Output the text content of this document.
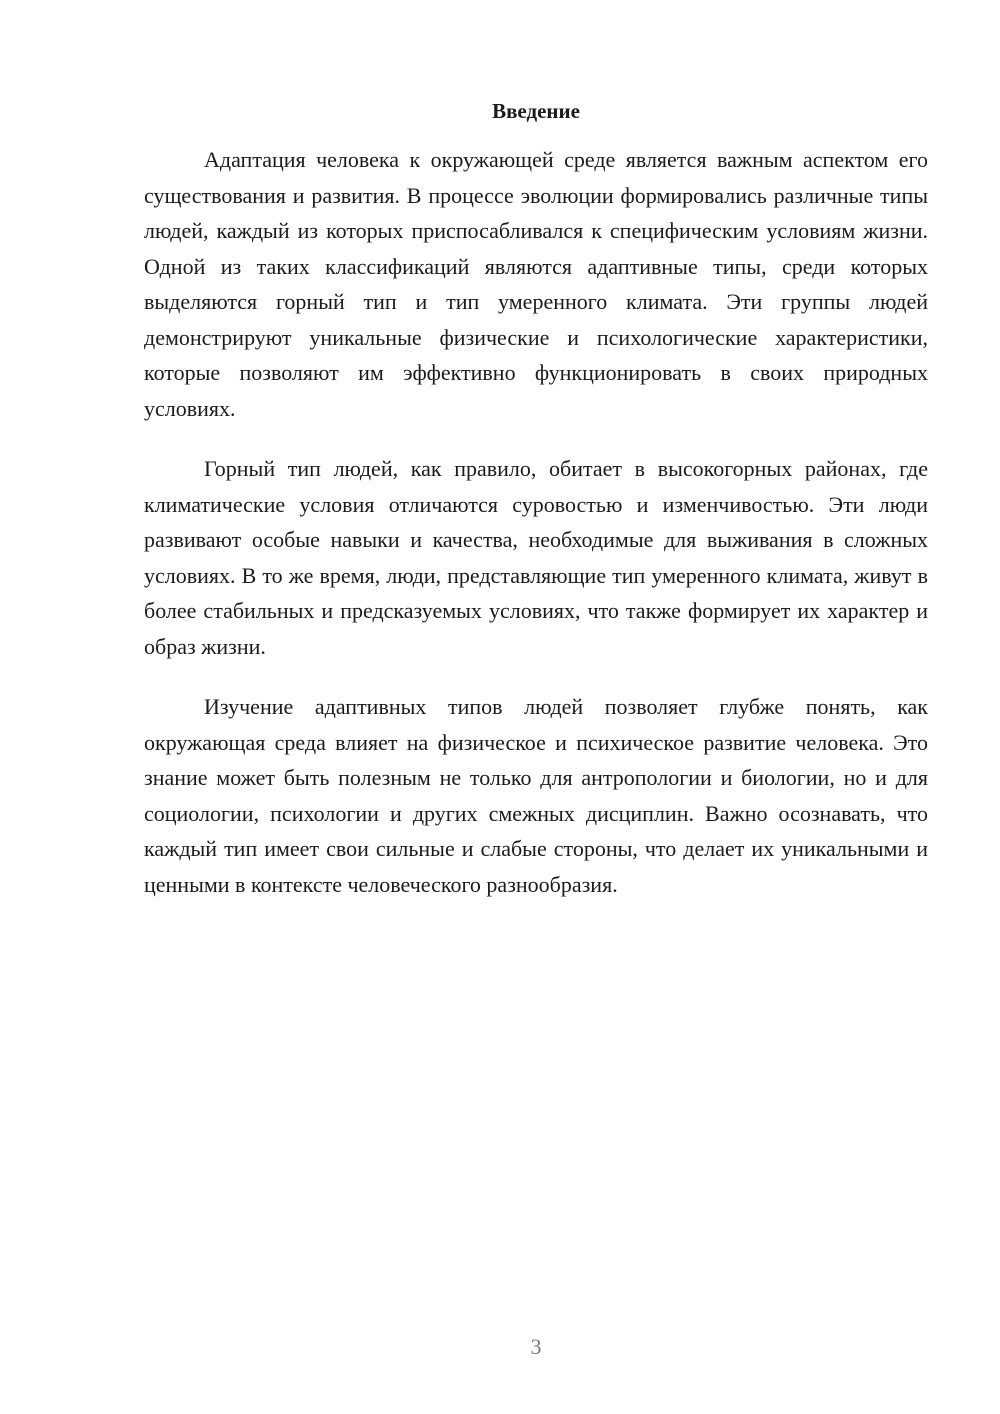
Введение

Адаптация человека к окружающей среде является важным аспектом его существования и развития. В процессе эволюции формировались различные типы людей, каждый из которых приспосабливался к специфическим условиям жизни. Одной из таких классификаций являются адаптивные типы, среди которых выделяются горный тип и тип умеренного климата. Эти группы людей демонстрируют уникальные физические и психологические характеристики, которые позволяют им эффективно функционировать в своих природных условиях.

Горный тип людей, как правило, обитает в высокогорных районах, где климатические условия отличаются суровостью и изменчивостью. Эти люди развивают особые навыки и качества, необходимые для выживания в сложных условиях. В то же время, люди, представляющие тип умеренного климата, живут в более стабильных и предсказуемых условиях, что также формирует их характер и образ жизни.

Изучение адаптивных типов людей позволяет глубже понять, как окружающая среда влияет на физическое и психическое развитие человека. Это знание может быть полезным не только для антропологии и биологии, но и для социологии, психологии и других смежных дисциплин. Важно осознавать, что каждый тип имеет свои сильные и слабые стороны, что делает их уникальными и ценными в контексте человеческого разнообразия.

3
